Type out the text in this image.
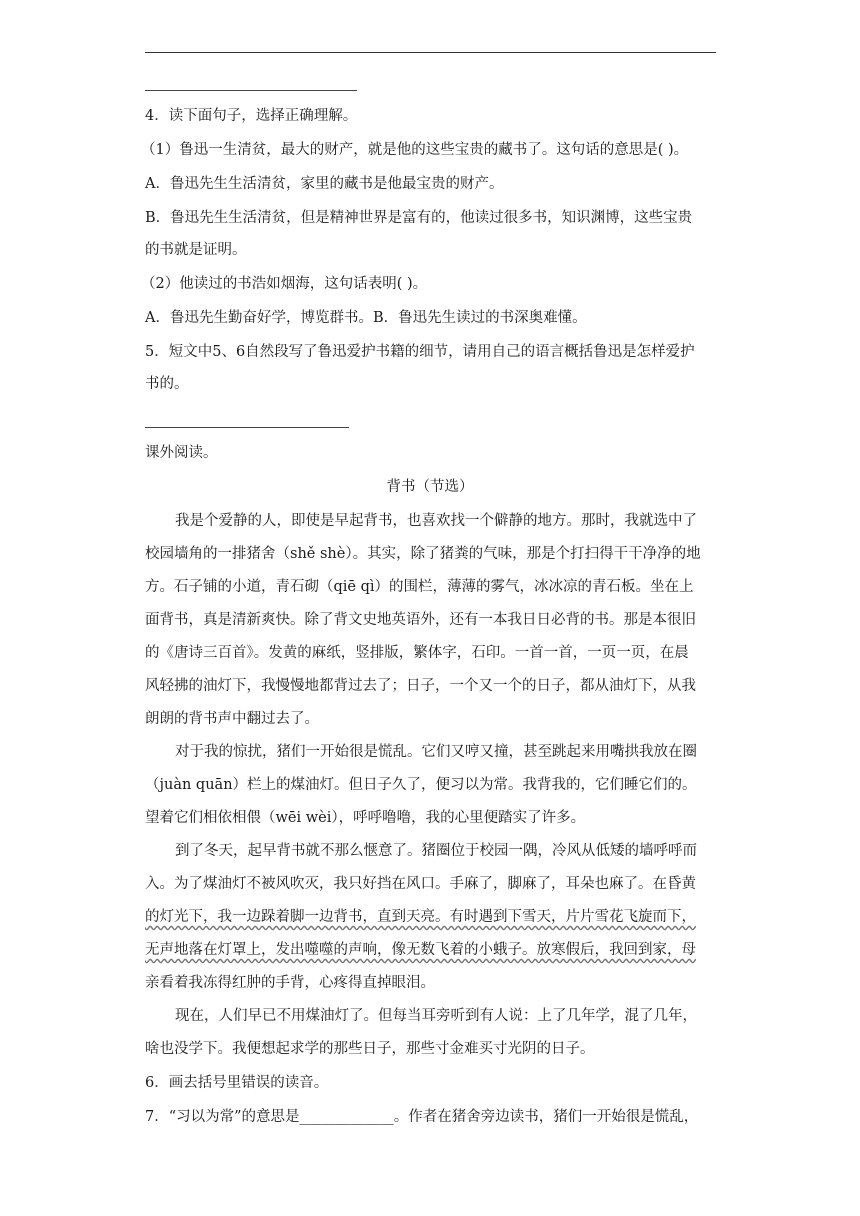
4．读下面句子，选择正确理解。
（1）鲁迅一生清贫，最大的财产，就是他的这些宝贵的藏书了。这句话的意思是( )。
A．鲁迅先生生活清贫，家里的藏书是他最宝贵的财产。
B．鲁迅先生生活清贫，但是精神世界是富有的，他读过很多书，知识渊博，这些宝贵
的书就是证明。
（2）他读过的书浩如烟海，这句话表明( )。
A．鲁迅先生勤奋好学，博览群书。B．鲁迅先生读过的书深奥难懂。
5．短文中5、6自然段写了鲁迅爱护书籍的细节，请用自己的语言概括鲁迅是怎样爱护
书的。
课外阅读。
背书（节选）
我是个爱静的人，即使是早起背书，也喜欢找一个僻静的地方。那时，我就选中了
校园墙角的一排猪舍（shě shè）。其实，除了猪粪的气味，那是个打扫得干干净净的地
方。石子铺的小道，青石砌（qiē qì）的围栏，薄薄的雾气，冰冰凉的青石板。坐在上
面背书，真是清新爽快。除了背文史地英语外，还有一本我日日必背的书。那是本很旧
的《唐诗三百首》。发黄的麻纸，竖排版，繁体字，石印。一首一首，一页一页，在晨
风轻拂的油灯下，我慢慢地都背过去了；日子，一个又一个的日子，都从油灯下，从我
朗朗的背书声中翻过去了。
对于我的惊扰，猪们一开始很是慌乱。它们又哼又撞，甚至跳起来用嘴拱我放在圈
（juàn quān）栏上的煤油灯。但日子久了，便习以为常。我背我的，它们睡它们的。
望着它们相依相偎（wēi wèi），呼呼噜噜，我的心里便踏实了许多。
到了冬天，起早背书就不那么惬意了。猪圈位于校园一隅，冷风从低矮的墙呼呼而
入。为了煤油灯不被风吹灭，我只好挡在风口。手麻了，脚麻了，耳朵也麻了。在昏黄
的灯光下，我一边跺着脚一边背书，直到天亮。有时遇到下雪天，片片雪花飞旋而下，
无声地落在灯罩上，发出噬噬的声响，像无数飞着的小蛾子。放寒假后，我回到家，母
亲看着我冻得红肿的手背，心疼得直掉眼泪。
现在，人们早已不用煤油灯了。但每当耳旁听到有人说：上了几年学，混了几年，
啥也没学下。我便想起求学的那些日子，那些寸金难买寸光阴的日子。
6．画去括号里错误的读音。
7．“习以为常”的意思是_____________。作者在猪舍旁边读书，猪们一开始很是慌乱，
